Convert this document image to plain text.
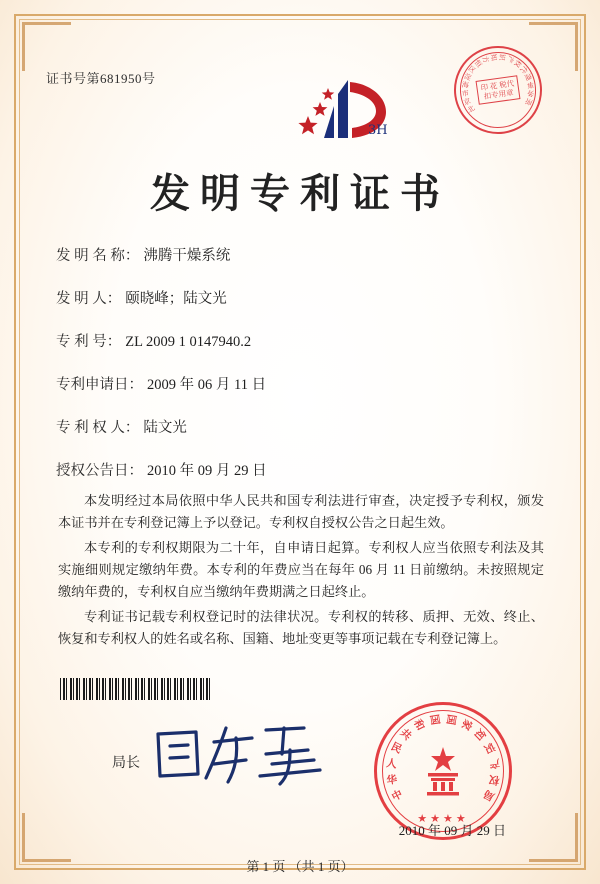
证书号第681950号
北
京
市
海
淀
区
恒
方
知 识
产
权
代
理
事
务
所
印 花 税代扣专用章
3H
发明专利证书
发 明 名 称： 沸腾干燥系统
发 明 人： 颐晓峰；陆文光
专 利 号： ZL 2009 1 0147940.2
专利申请日： 2009 年 06 月 11 日
专 利 权 人： 陆文光
授权公告日： 2010 年 09 月 29 日

本发明经过本局依照中华人民共和国专利法进行审查，决定授予专利权，颁发本证书并在专利登记簿上予以登记。专利权自授权公告之日起生效。

本专利的专利权期限为二十年，自申请日起算。专利权人应当依照专利法及其实施细则规定缴纳年费。本专利的年费应当在每年 06 月 11 日前缴纳。未按照规定缴纳年费的，专利权自应当缴纳年费期满之日起终止。

专利证书记载专利权登记时的法律状况。专利权的转移、质押、无效、终止、恢复和专利权人的姓名或名称、国籍、地址变更等事项记载在专利登记簿上。

局长
中
华
人
民
共
和 国 国 家
知
识
产
权
局
★★★★
2010 年 09 月 29 日
第 1 页 （共 1 页）
